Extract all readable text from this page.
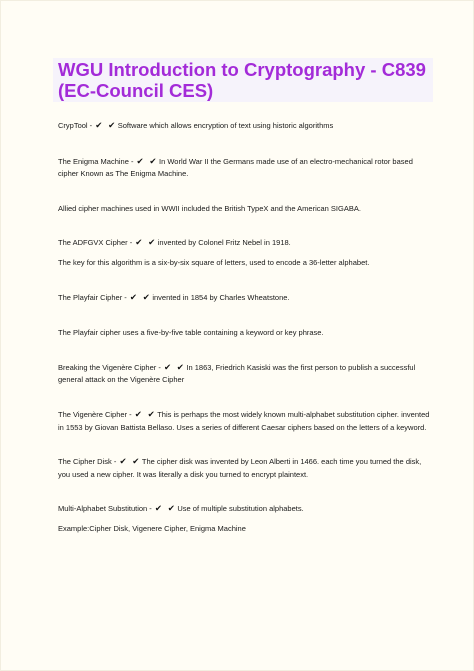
WGU Introduction to Cryptography - C839 (EC-Council CES)

CrypTool - ✔ ✔Software which allows encryption of text using historic algorithms

The Enigma Machine - ✔ ✔In World War II the Germans made use of an electro-mechanical rotor based cipher Known as The Enigma Machine.

Allied cipher machines used in WWII included the British TypeX and the American SIGABA.

The ADFGVX Cipher - ✔ ✔invented by Colonel Fritz Nebel in 1918.

The key for this algorithm is a six-by-six square of letters, used to encode a 36-letter alphabet.

The Playfair Cipher - ✔ ✔invented in 1854 by Charles Wheatstone.

The Playfair cipher uses a five-by-five table containing a keyword or key phrase.

Breaking the Vigenère Cipher - ✔ ✔In 1863, Friedrich Kasiski was the first person to publish a successful general attack on the Vigenère Cipher

The Vigenère Cipher - ✔ ✔This is perhaps the most widely known multi-alphabet substitution cipher. invented in 1553 by Giovan Battista Bellaso. Uses a series of different Caesar ciphers based on the letters of a keyword.

The Cipher Disk - ✔ ✔The cipher disk was invented by Leon Alberti in 1466. each time you turned the disk, you used a new cipher. It was literally a disk you turned to encrypt plaintext.

Multi-Alphabet Substitution - ✔ ✔Use of multiple substitution alphabets.

Example:Cipher Disk, Vigenere Cipher, Enigma Machine
